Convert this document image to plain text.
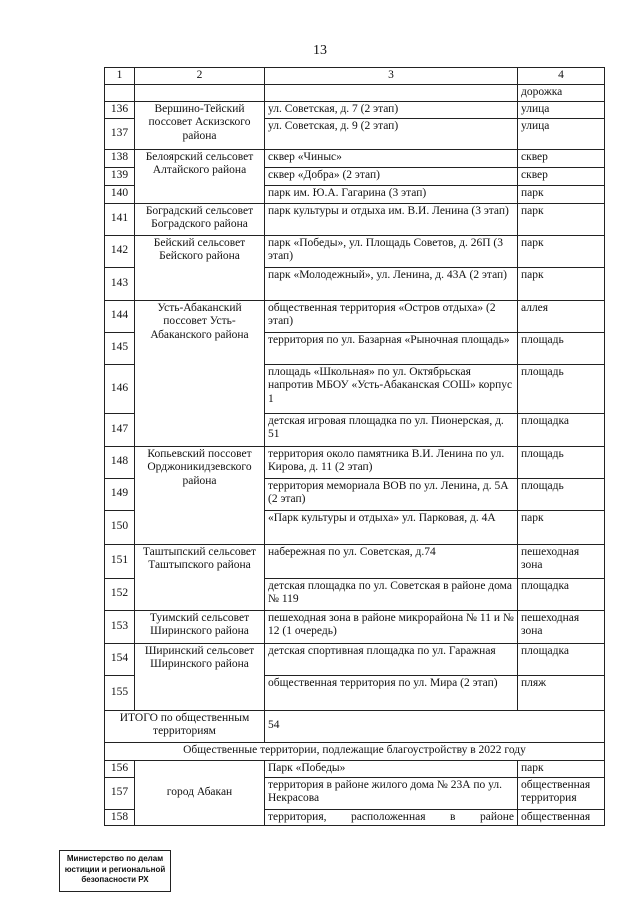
13
1	2	3	4
			дорожка
136	Вершино-Тейский поссовет Аскизского района	ул. Советская, д. 7 (2 этап)	улица
137		ул. Советская, д. 9 (2 этап)	улица
138	Белоярский сельсовет Алтайского района	сквер «Чиныс»	сквер
139		сквер «Добра» (2 этап)	сквер
140		парк им. Ю.А. Гагарина (3 этап)	парк
141	Боградский сельсовет Боградского района	парк культуры и отдыха им. В.И. Ленина (3 этап)	парк
142	Бейский сельсовет Бейского района	парк «Победы», ул. Площадь Советов, д. 26П (3 этап)	парк
143		парк «Молодежный», ул. Ленина, д. 43А (2 этап)	парк
144	Усть-Абаканский поссовет Усть-Абаканского района	общественная территория «Остров отдыха» (2 этап)	аллея
145		территория по ул. Базарная «Рыночная площадь»	площадь
146		площадь «Школьная» по ул. Октябрьская напротив МБОУ «Усть-Абаканская СОШ» корпус 1	площадь
147		детская игровая площадка по ул. Пионерская, д. 51	площадка
148	Копьевский поссовет Орджоникидзевского района	территория около памятника В.И. Ленина по ул. Кирова, д. 11 (2 этап)	площадь
149		территория мемориала ВОВ по ул. Ленина, д. 5А (2 этап)	площадь
150		«Парк культуры и отдыха» ул. Парковая, д. 4А	парк
151	Таштыпский сельсовет Таштыпского района	набережная по ул. Советская, д.74	пешеходная зона
152		детская площадка по ул. Советская в районе дома № 119	площадка
153	Туимский сельсовет Ширинского района	пешеходная зона в районе микрорайона № 11 и № 12 (1 очередь)	пешеходная зона
154	Ширинский сельсовет Ширинского района	детская спортивная площадка по ул. Гаражная	площадка
155		общественная территория по ул. Мира (2 этап)	пляж
ИТОГО по общественным территориям		54	
Общественные территории, подлежащие благоустройству в 2022 году			
156	город Абакан	Парк «Победы»	парк
157		территория в районе жилого дома № 23А по ул. Некрасова	общественная территория
158		территория, расположенная в районе	общественная
Министерство по делам
юстиции и региональной
безопасности РХ
